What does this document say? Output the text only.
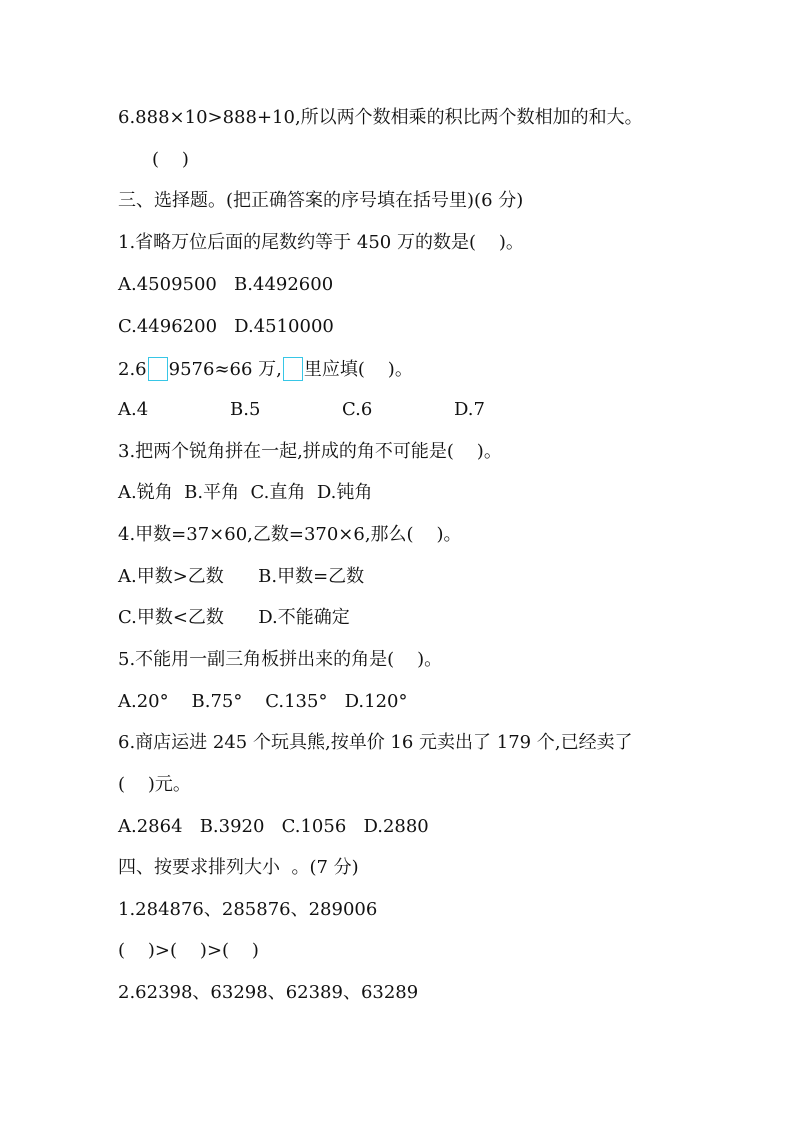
6.888×10>888+10,所以两个数相乘的积比两个数相加的和大。
(    )
三、选择题。(把正确答案的序号填在括号里)(6 分)
1.省略万位后面的尾数约等于 450 万的数是(    )。
A.4509500   B.4492600
C.4496200   D.4510000
2.6 9576≈66 万, 里应填(    )。
A.4	B.5	C.6	D.7
3.把两个锐角拼在一起,拼成的角不可能是(    )。
A.锐角  B.平角  C.直角  D.钝角
4.甲数=37×60,乙数=370×6,那么(    )。
A.甲数>乙数      B.甲数=乙数
C.甲数<乙数      D.不能确定
5.不能用一副三角板拼出来的角是(    )。
A.20°    B.75°    C.135°   D.120°
6.商店运进 245 个玩具熊,按单价 16 元卖出了 179 个,已经卖了
(    )元。
A.2864   B.3920   C.1056   D.2880
四、按要求排列大小  。(7 分)
1.284876、285876、289006
(    )>(    )>(    )
2.62398、63298、62389、63289
